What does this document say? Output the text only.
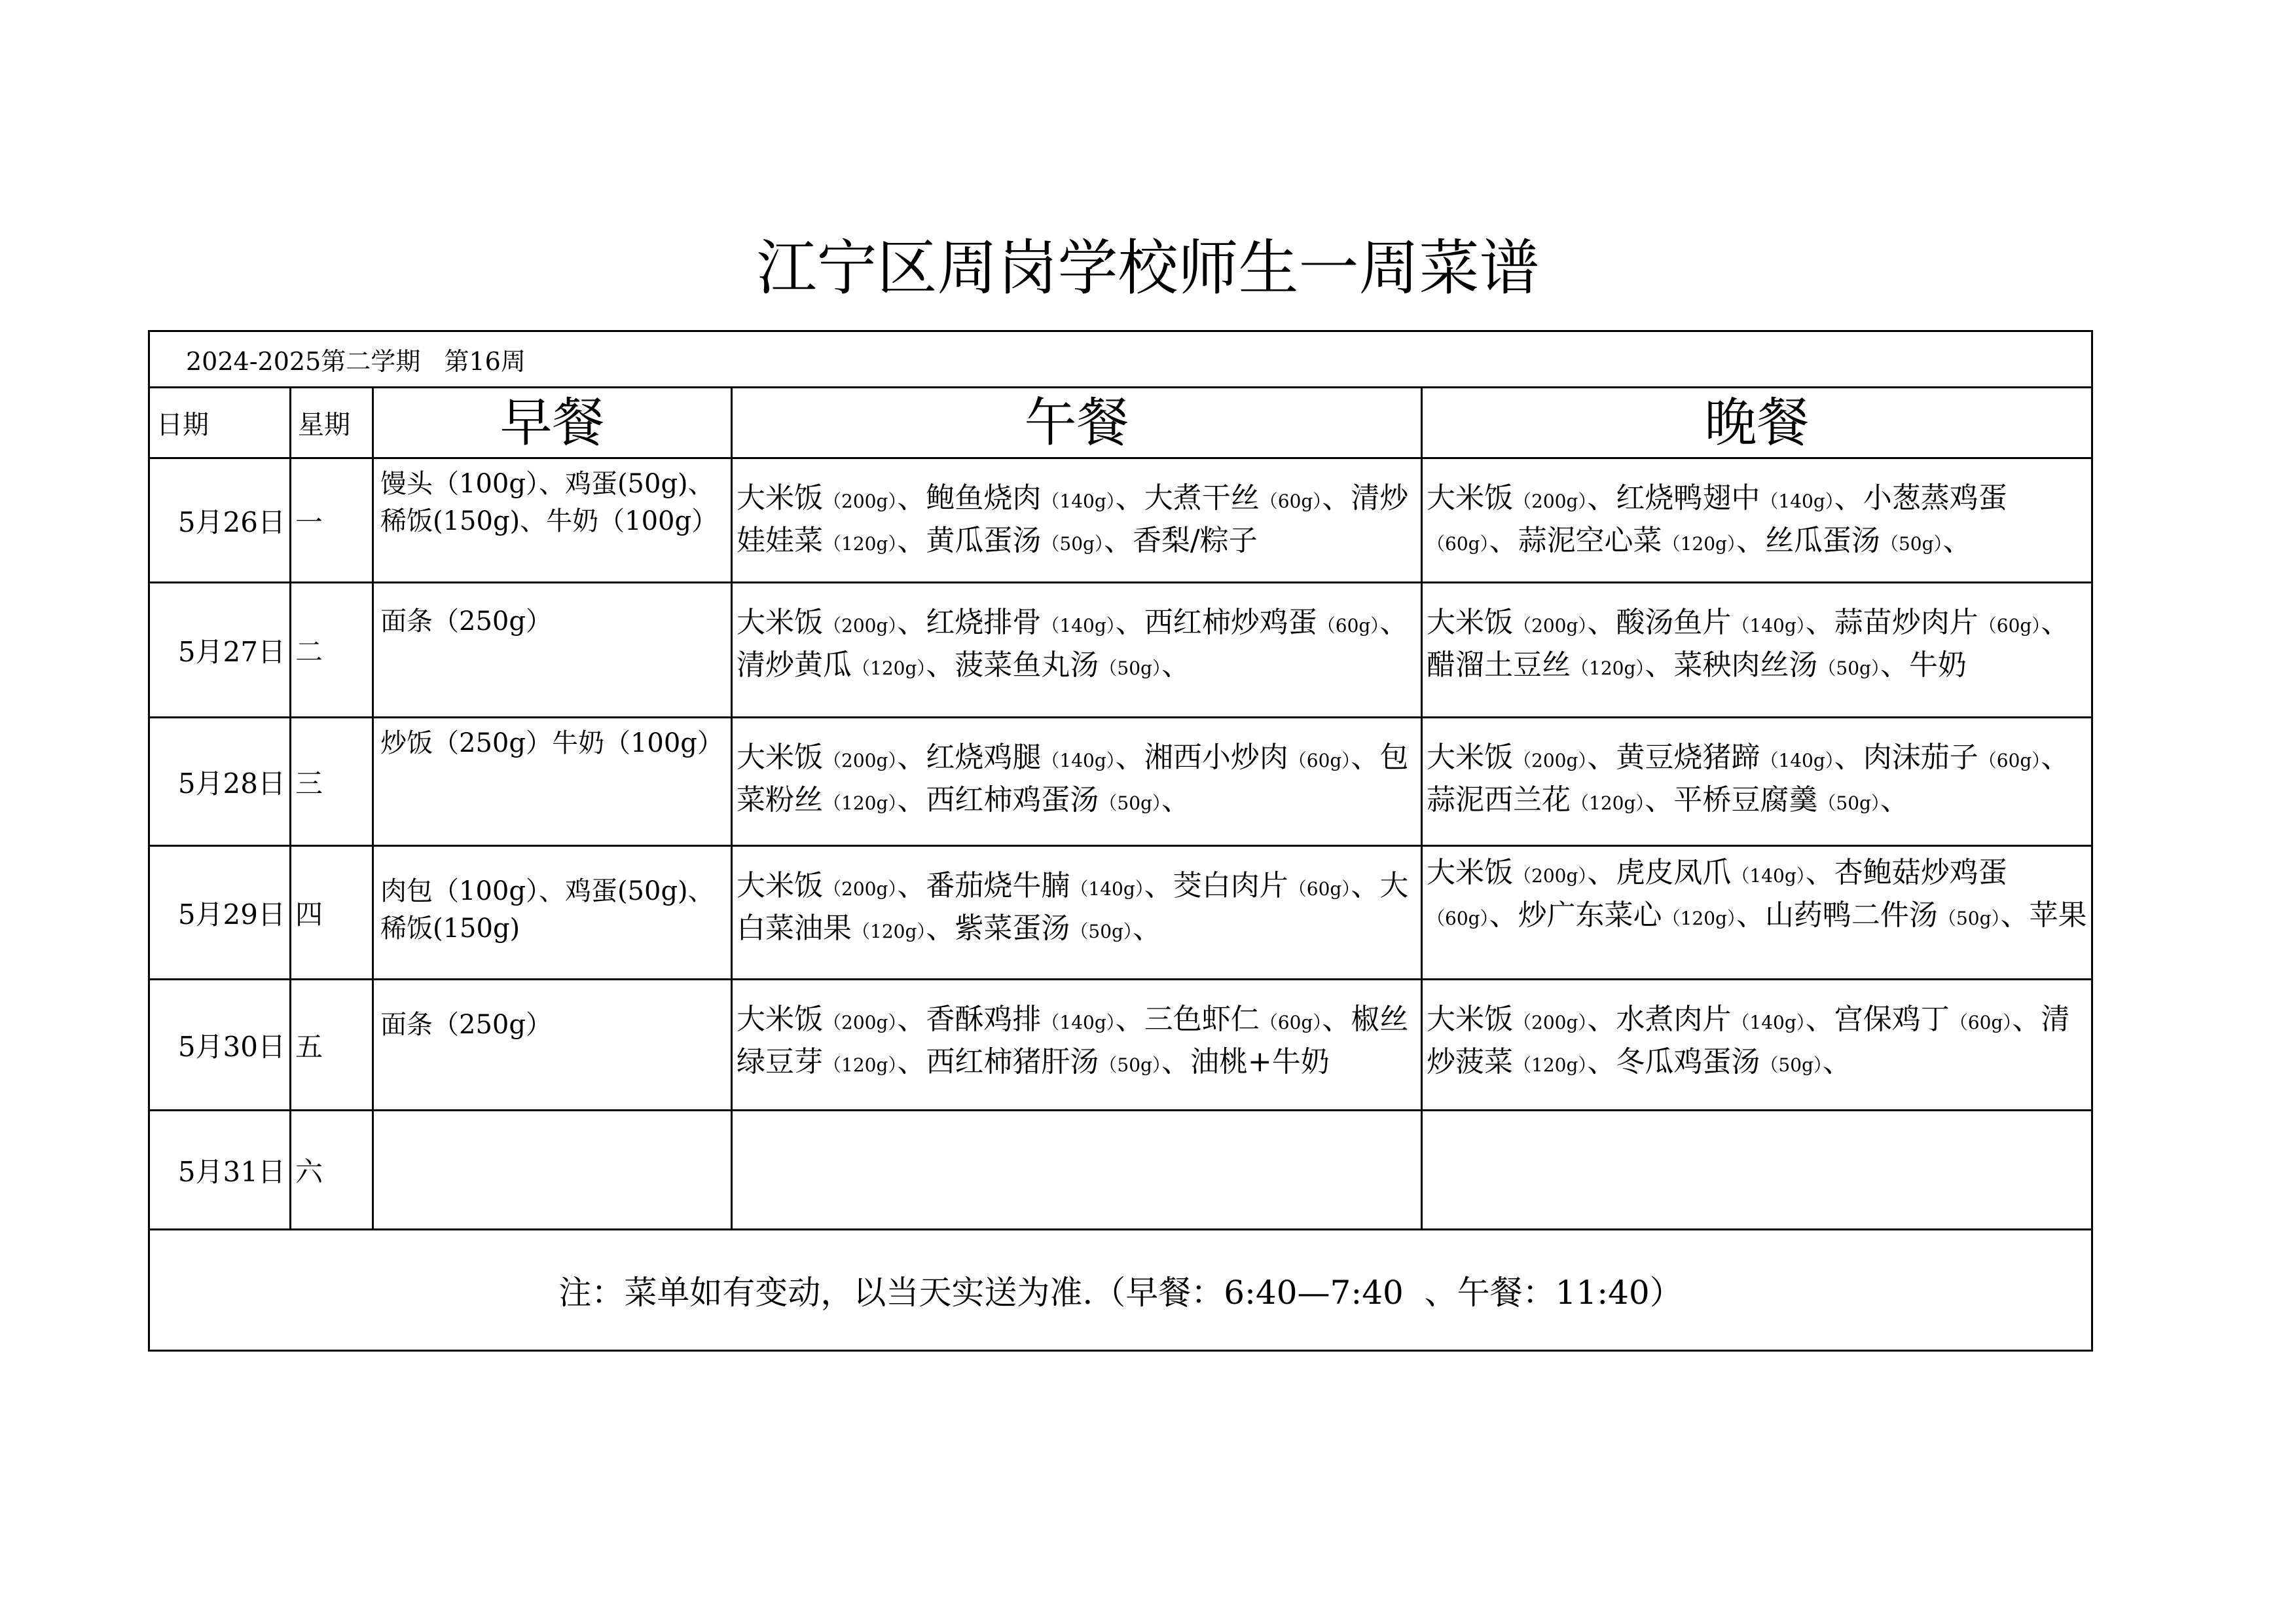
江宁区周岗学校师生一周菜谱
2024-2025第二学期   第16周				
日期	星期	早餐	午餐	晚餐
5月26日	一	馒头（100g）、鸡蛋(50g)、稀饭(150g)、牛奶（100g）	大米饭（200g）、鲍鱼烧肉（140g）、大煮干丝（60g）、清炒娃娃菜（120g）、黄瓜蛋汤（50g）、香梨/粽子	大米饭（200g）、红烧鸭翅中（140g）、小葱蒸鸡蛋（60g）、蒜泥空心菜（120g）、丝瓜蛋汤（50g）、
5月27日	二	面条（250g）	大米饭（200g）、红烧排骨（140g）、西红柿炒鸡蛋（60g）、清炒黄瓜（120g）、菠菜鱼丸汤（50g）、	大米饭（200g）、酸汤鱼片（140g）、蒜苗炒肉片（60g）、醋溜土豆丝（120g）、菜秧肉丝汤（50g）、牛奶
5月28日	三	炒饭（250g）牛奶（100g）	大米饭（200g）、红烧鸡腿（140g）、湘西小炒肉（60g）、包菜粉丝（120g）、西红柿鸡蛋汤（50g）、	大米饭（200g）、黄豆烧猪蹄（140g）、肉沫茄子（60g）、蒜泥西兰花（120g）、平桥豆腐羹（50g）、
5月29日	四	肉包（100g）、鸡蛋(50g)、稀饭(150g)	大米饭（200g）、番茄烧牛腩（140g）、茭白肉片（60g）、大白菜油果（120g）、紫菜蛋汤（50g）、	大米饭（200g）、虎皮凤爪（140g）、杏鲍菇炒鸡蛋（60g）、炒广东菜心（120g）、山药鸭二件汤（50g）、苹果
5月30日	五	面条（250g）	大米饭（200g）、香酥鸡排（140g）、三色虾仁（60g）、椒丝绿豆芽（120g）、西红柿猪肝汤（50g）、油桃+牛奶	大米饭（200g）、水煮肉片（140g）、宫保鸡丁（60g）、清炒菠菜（120g）、冬瓜鸡蛋汤（50g）、
5月31日	六			
注：菜单如有变动，以当天实送为准.（早餐：6:40—7:40  、午餐：11:40）				
